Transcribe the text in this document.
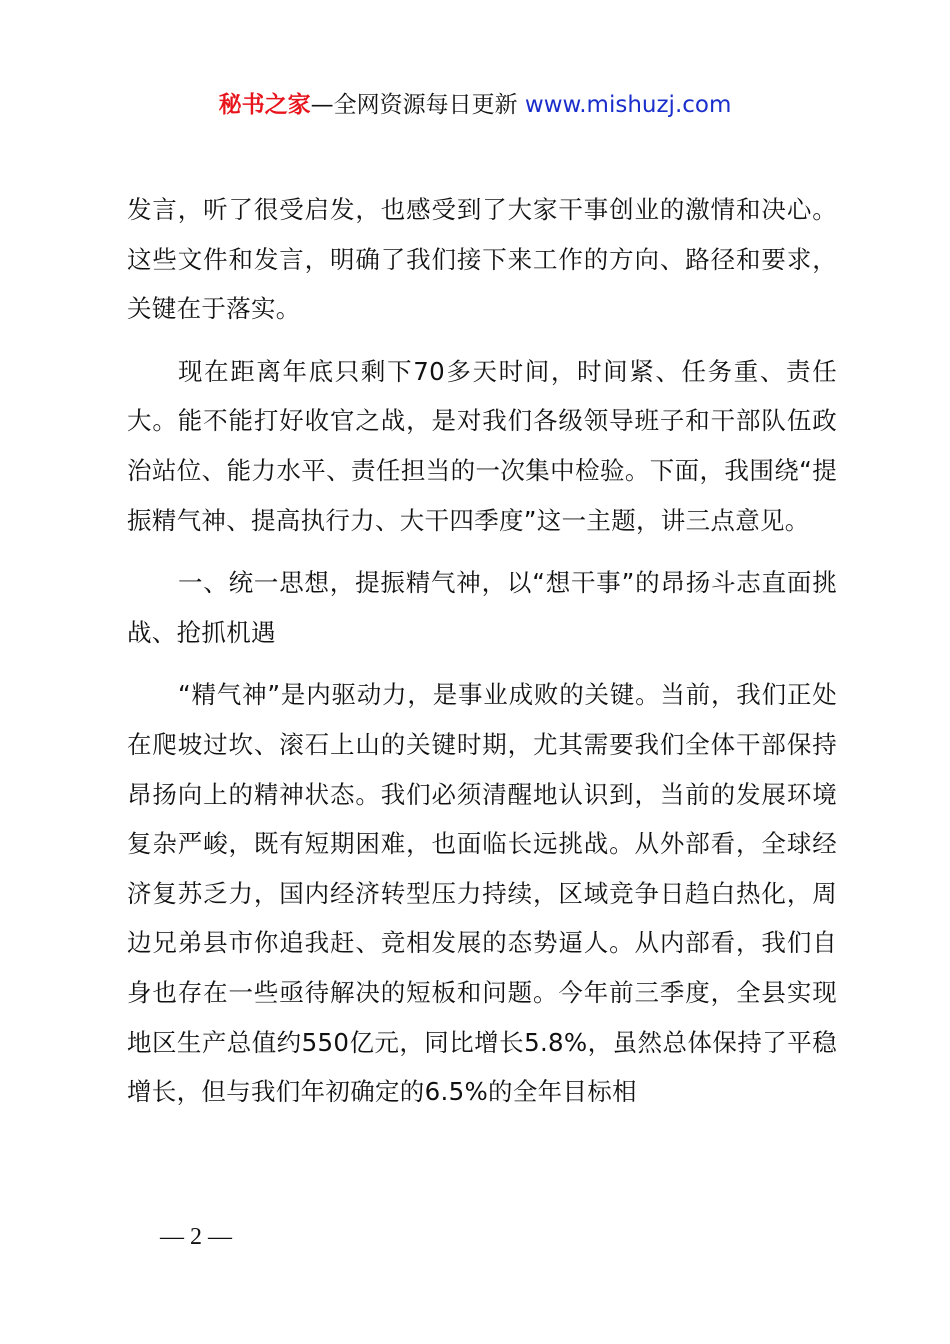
秘书之家—全网资源每日更新 www.mishuzj.com

发言，听了很受启发，也感受到了大家干事创业的激情和决心。这些文件和发言，明确了我们接下来工作的方向、路径和要求，关键在于落实。

现在距离年底只剩下70多天时间，时间紧、任务重、责任大。能不能打好收官之战，是对我们各级领导班子和干部队伍政治站位、能力水平、责任担当的一次集中检验。下面，我围绕“提振精气神、提高执行力、大干四季度”这一主题，讲三点意见。

一、统一思想，提振精气神，以“想干事”的昂扬斗志直面挑战、抢抓机遇

“精气神”是内驱动力，是事业成败的关键。当前，我们正处在爬坡过坎、滚石上山的关键时期，尤其需要我们全体干部保持昂扬向上的精神状态。我们必须清醒地认识到，当前的发展环境复杂严峻，既有短期困难，也面临长远挑战。从外部看，全球经济复苏乏力，国内经济转型压力持续，区域竞争日趋白热化，周边兄弟县市你追我赶、竞相发展的态势逼人。从内部看，我们自身也存在一些亟待解决的短板和问题。今年前三季度，全县实现地区生产总值约550亿元，同比增长5.8%，虽然总体保持了平稳增长，但与我们年初确定的6.5%的全年目标相

— 2 —
